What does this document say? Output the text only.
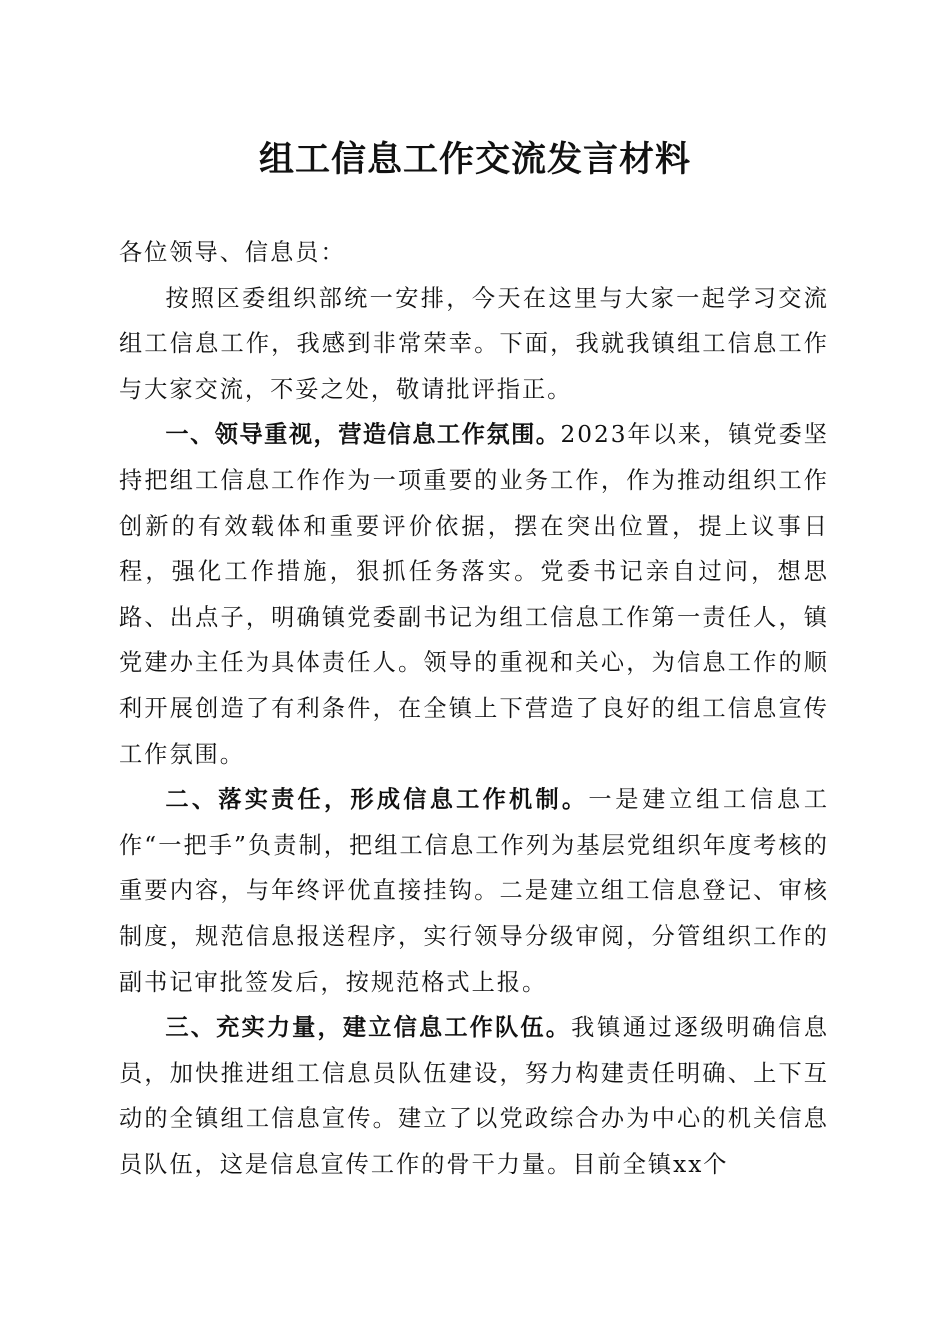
组工信息工作交流发言材料

各位领导、信息员：

按照区委组织部统一安排，今天在这里与大家一起学习交流组工信息工作，我感到非常荣幸。下面，我就我镇组工信息工作与大家交流，不妥之处，敬请批评指正。

一、领导重视，营造信息工作氛围。2023年以来，镇党委坚持把组工信息工作作为一项重要的业务工作，作为推动组织工作创新的有效载体和重要评价依据，摆在突出位置，提上议事日程，强化工作措施，狠抓任务落实。党委书记亲自过问，想思路、出点子，明确镇党委副书记为组工信息工作第一责任人，镇党建办主任为具体责任人。领导的重视和关心，为信息工作的顺利开展创造了有利条件，在全镇上下营造了良好的组工信息宣传工作氛围。

二、落实责任，形成信息工作机制。一是建立组工信息工作“一把手”负责制，把组工信息工作列为基层党组织年度考核的重要内容，与年终评优直接挂钩。二是建立组工信息登记、审核制度，规范信息报送程序，实行领导分级审阅，分管组织工作的副书记审批签发后，按规范格式上报。

三、充实力量，建立信息工作队伍。我镇通过逐级明确信息员，加快推进组工信息员队伍建设，努力构建责任明确、上下互动的全镇组工信息宣传。建立了以党政综合办为中心的机关信息员队伍，这是信息宣传工作的骨干力量。目前全镇xx个
